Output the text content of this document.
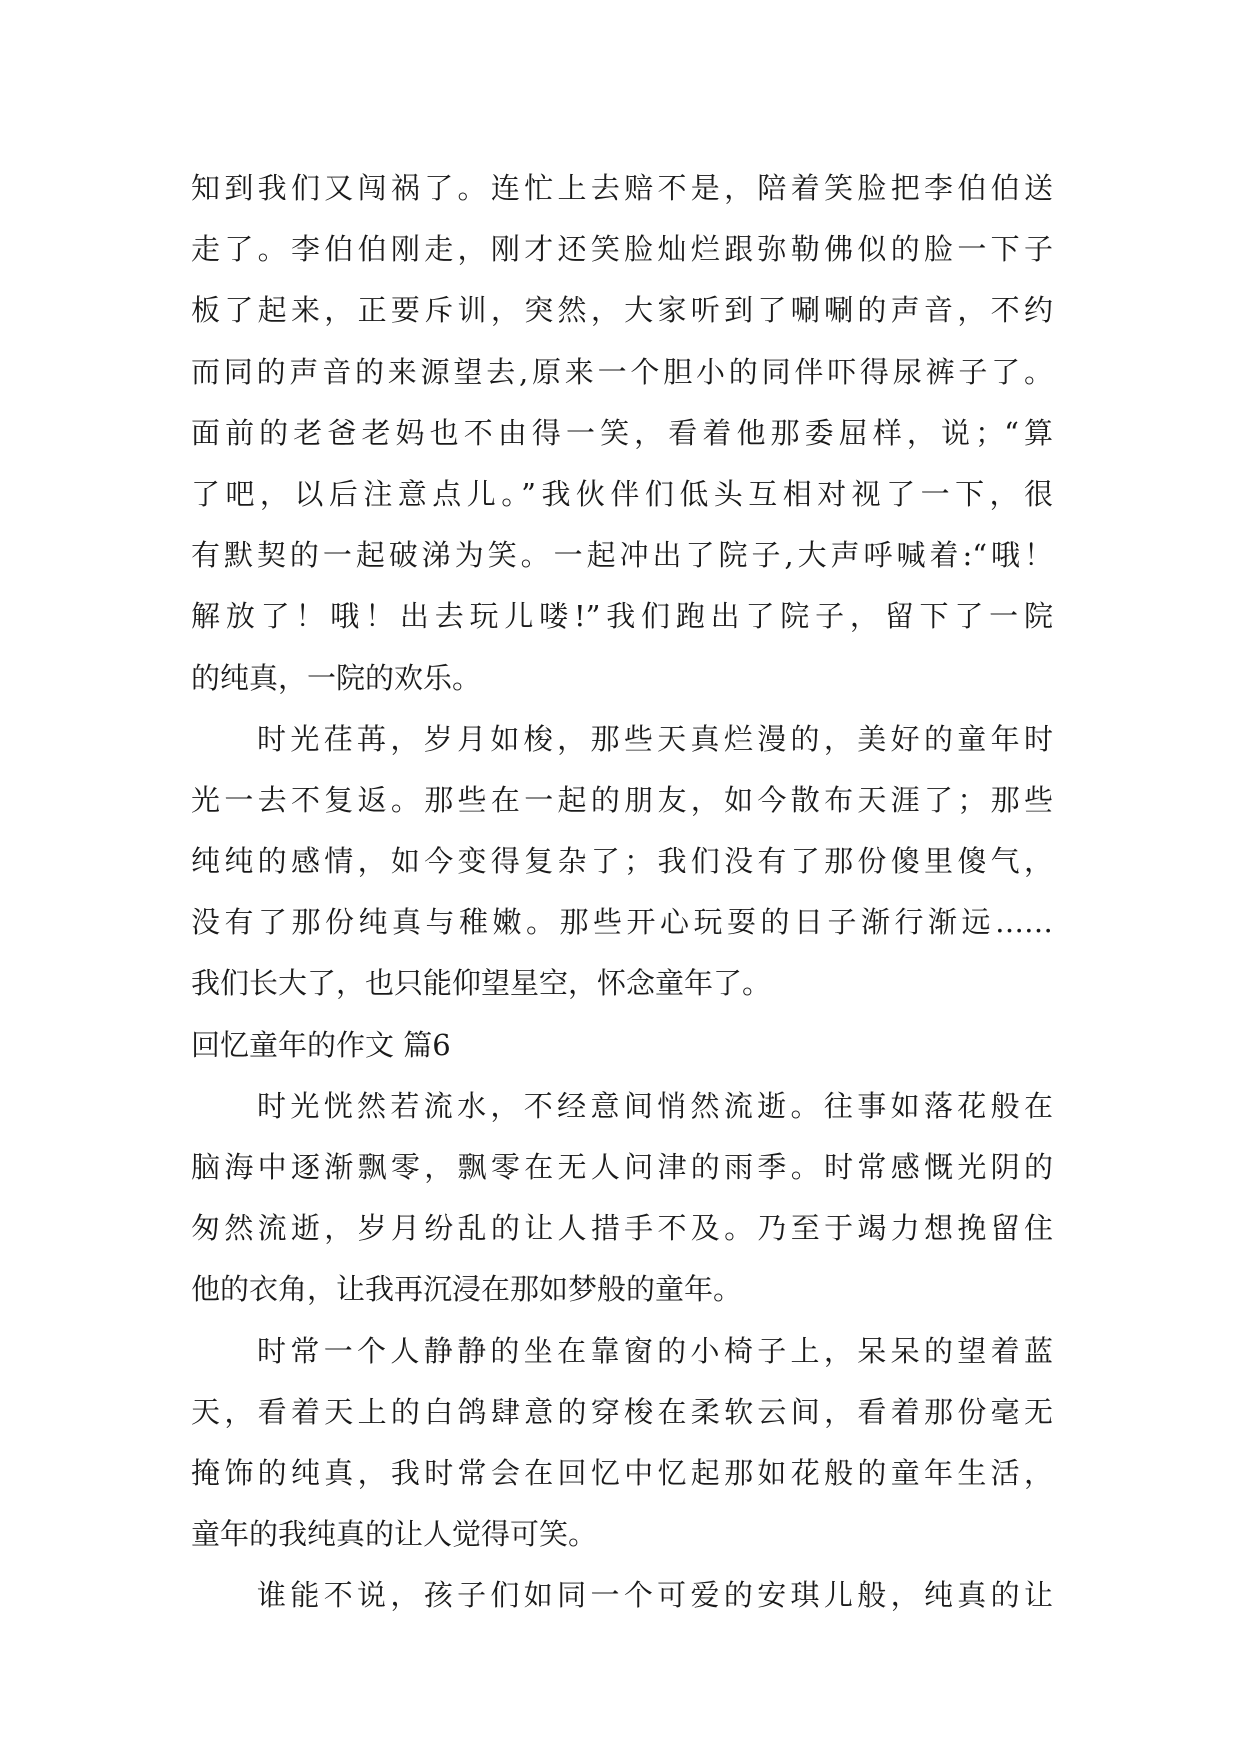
知到我们又闯祸了。连忙上去赔不是，陪着笑脸把李伯伯送
走了。李伯伯刚走，刚才还笑脸灿烂跟弥勒佛似的脸一下子
板了起来，正要斥训，突然，大家听到了唰唰的声音，不约
而同的声音的来源望去,原来一个胆小的同伴吓得尿裤子了。
面前的老爸老妈也不由得一笑，看着他那委屈样，说；“算
了吧，以后注意点儿。”我伙伴们低头互相对视了一下，很
有默契的一起破涕为笑。一起冲出了院子,大声呼喊着:“哦！
解放了！哦！出去玩儿喽!”我们跑出了院子，留下了一院
的纯真，一院的欢乐。
时光荏苒，岁月如梭，那些天真烂漫的，美好的童年时
光一去不复返。那些在一起的朋友，如今散布天涯了；那些
纯纯的感情，如今变得复杂了；我们没有了那份傻里傻气，
没有了那份纯真与稚嫩。那些开心玩耍的日子渐行渐远……
我们长大了，也只能仰望星空，怀念童年了。
回忆童年的作文 篇6
时光恍然若流水，不经意间悄然流逝。往事如落花般在
脑海中逐渐飘零，飘零在无人问津的雨季。时常感慨光阴的
匆然流逝，岁月纷乱的让人措手不及。乃至于竭力想挽留住
他的衣角，让我再沉浸在那如梦般的童年。
时常一个人静静的坐在靠窗的小椅子上，呆呆的望着蓝
天，看着天上的白鸽肆意的穿梭在柔软云间，看着那份毫无
掩饰的纯真，我时常会在回忆中忆起那如花般的童年生活，
童年的我纯真的让人觉得可笑。
谁能不说，孩子们如同一个可爱的安琪儿般，纯真的让
